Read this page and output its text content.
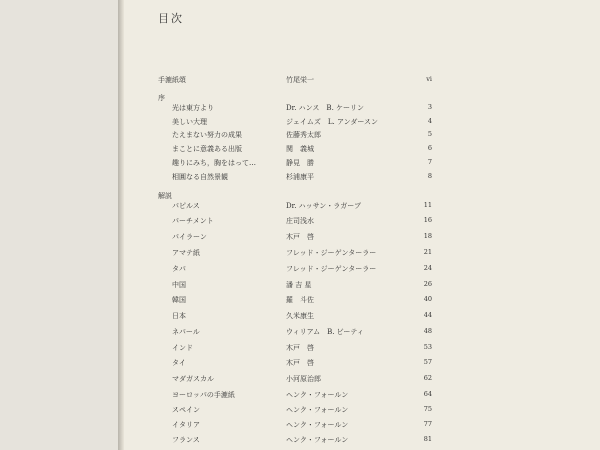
目次
手漉紙頌	竹尾栄一	vi
序
光は東方より	Dr. ハンス　B. ケーリン	3
美しい大理	ジェイムズ　L. アンダースン	4
たえまない努力の成果	佐藤秀太郎	5
まことに意義ある出版	関　義城	6
趣りにみち，胸をはって…	静見　勝	7
相圓なる自然景観	杉浦康平	8
解説
パピルス	Dr. ハッサン・ラガーブ	11
パーチメント	庄司浅水	16
パイラーン	木戸　啓	18
アマテ紙	フレッド・ジーゲンターラー	21
タパ	フレッド・ジーゲンターラー	24
中国	潘 吉 星	26
韓国	羅　斗佐	40
日本	久米康生	44
ネパール	ウィリアム　B. ビーティ	48
インド	木戸　啓	53
タイ	木戸　啓	57
マダガスカル	小河原治郎	62
ヨーロッパの手漉紙	ヘンク・フォールン	64
スペイン	ヘンク・フォールン	75
イタリア	ヘンク・フォールン	77
フランス	ヘンク・フォールン	81
